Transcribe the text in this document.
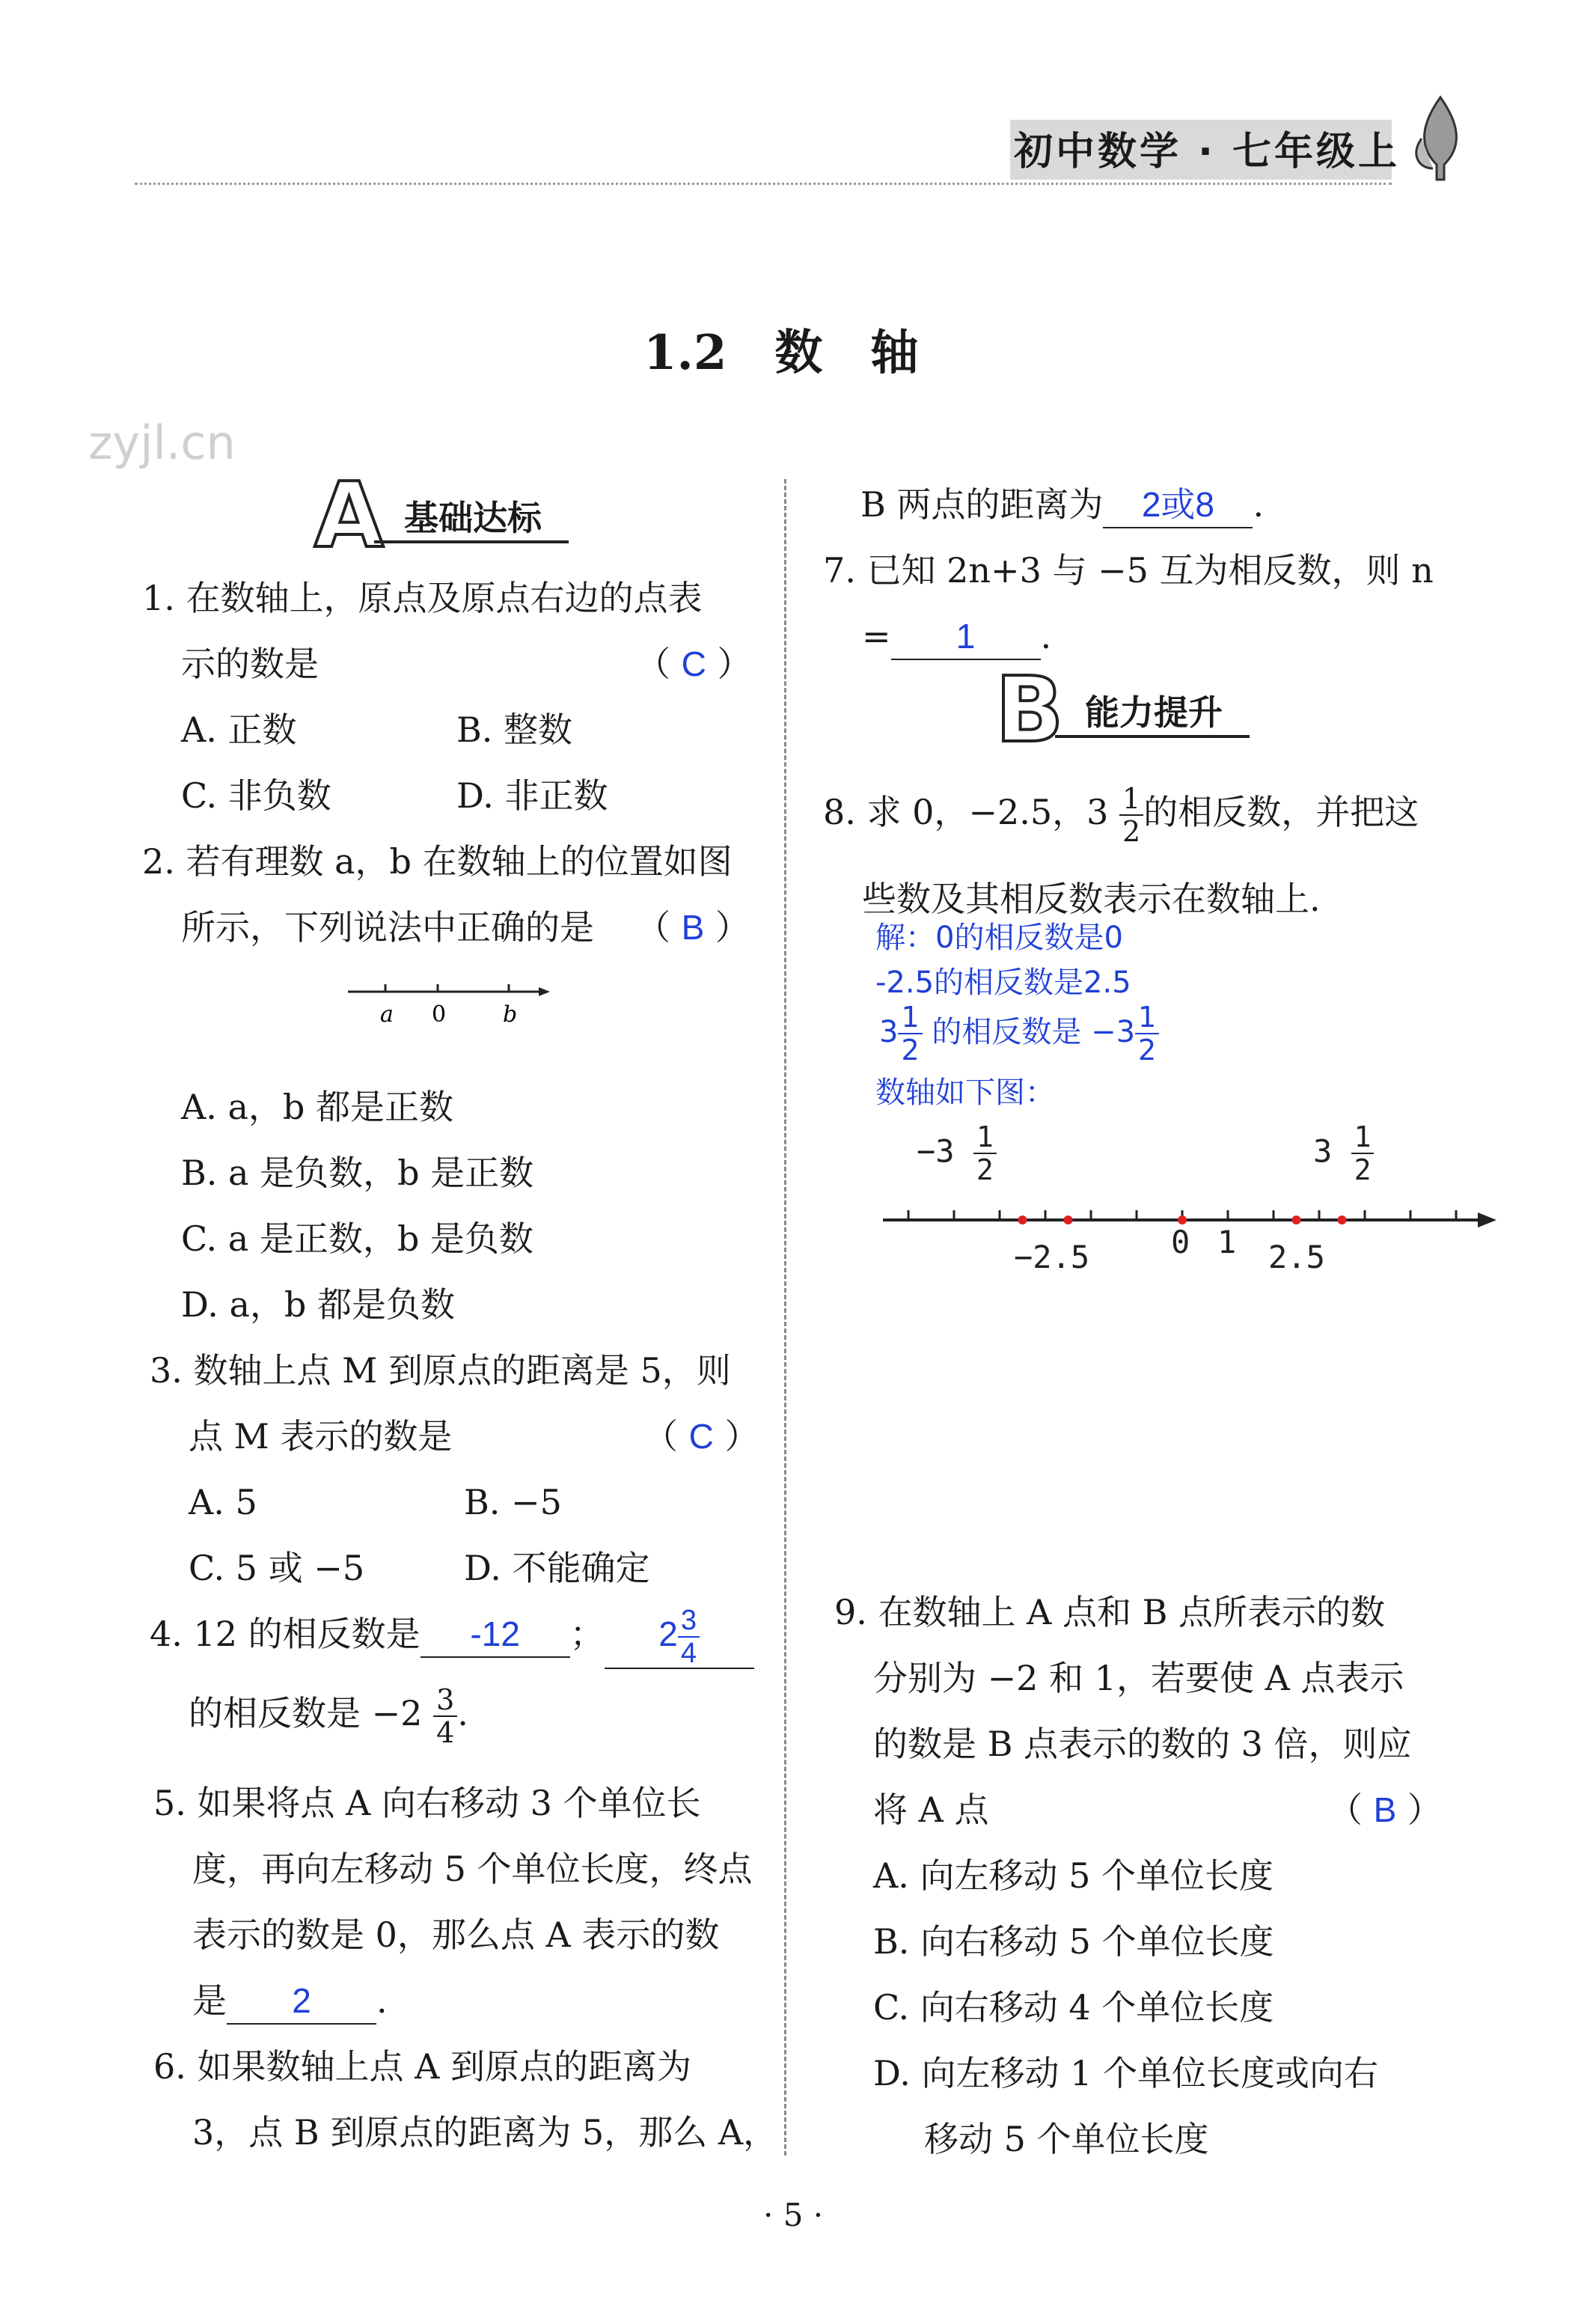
初中数学 · 七年级上
1.2　数　轴
zyjl.cn
A 基础达标
1. 在数轴上，原点及原点右边的点表
示的数是	（ C ）
A. 正数	B. 整数
C. 非负数	D. 非正数
2. 若有理数 a，b 在数轴上的位置如图
所示，下列说法中正确的是 （ B ）
a 0	b
A. a，b 都是正数
B. a 是负数，b 是正数
C. a 是正数，b 是负数
D. a，b 都是负数
3. 数轴上点 M 到原点的距离是 5，则
点 M 表示的数是	（ C ）
A. 5	B. −5
C. 5 或 −5	D. 不能确定
4. 12 的相反数是 -12 ； $2 \frac{3}{4}$
的相反数是 $-2 \frac{3}{4}$ .
5. 如果将点 A 向右移动 3 个单位长
度，再向左移动 5 个单位长度，终点
表示的数是 0，那么点 A 表示的数
是 2 .
6. 如果数轴上点 A 到原点的距离为
3，点 B 到原点的距离为 5，那么 A，
B 两点的距离为 2或8 .
7. 已知 2n+3 与 −5 互为相反数，则 n
= 1 .
B 能力提升
8. 求 0，−2.5，$3 \frac{1}{2}$ 的相反数，并把这
些数及其相反数表示在数轴上.
解：0的相反数是0
-2.5的相反数是2.5
$3 \frac{1}{2}$ 的相反数是 $-3 \frac{1}{2}$
数轴如下图：
$-3 \frac{1}{2}$	$3 \frac{1}{2}$
−2.5	0 1 2.5
9. 在数轴上 A 点和 B 点所表示的数
分别为 −2 和 1，若要使 A 点表示
的数是 B 点表示的数的 3 倍，则应
将 A 点	（ B ）
A. 向左移动 5 个单位长度
B. 向右移动 5 个单位长度
C. 向右移动 4 个单位长度
D. 向左移动 1 个单位长度或向右
移动 5 个单位长度
· 5 ·
